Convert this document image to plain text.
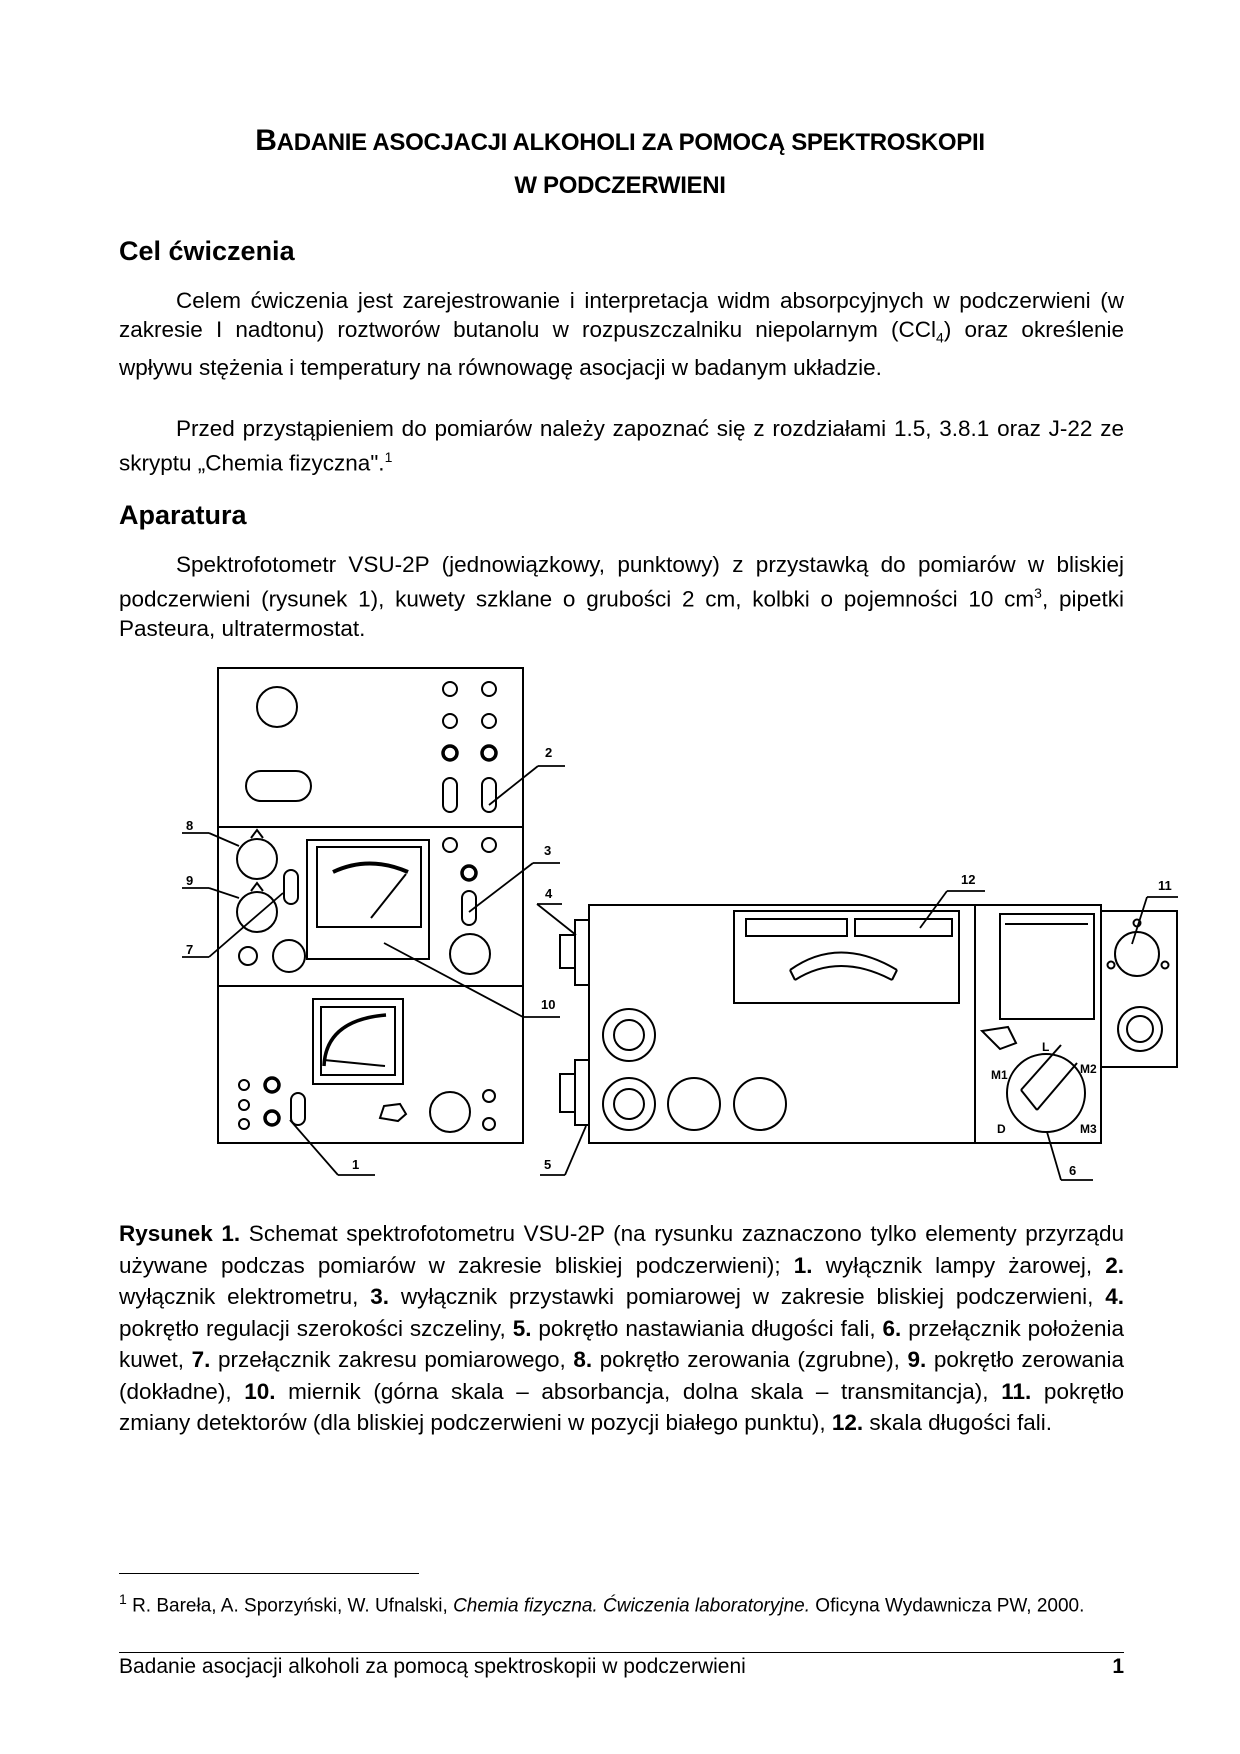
BADANIE ASOCJACJI ALKOHOLI ZA POMOCĄ SPEKTROSKOPII
W PODCZERWIENI
Cel ćwiczenia

Celem ćwiczenia jest zarejestrowanie i interpretacja widm absorpcyjnych w podczerwieni (w zakresie I nadtonu) roztworów butanolu w rozpuszczalniku niepolarnym (CCl$_4$) oraz określenie wpływu stężenia i temperatury na równowagę asocjacji w badanym układzie.

Przed przystąpieniem do pomiarów należy zapoznać się z rozdziałami 1.5, 3.8.1 oraz J-22 ze skryptu „Chemia fizyczna".$^1$

Aparatura

Spektrofotometr VSU-2P (jednowiązkowy, punktowy) z przystawką do pomiarów w bliskiej podczerwieni (rysunek 1), kuwety szklane o grubości 2 cm, kolbki o pojemności 10 $cm^3$, pipetki Pasteura, ultratermostat.

8
9
7
2
3
4
10
12	11
1	5	6
L
M1	M2
D	M3

Rysunek 1. Schemat spektrofotometru VSU-2P (na rysunku zaznaczono tylko elementy przyrządu używane podczas pomiarów w zakresie bliskiej podczerwieni); 1. wyłącznik lampy żarowej, 2. wyłącznik elektrometru, 3. wyłącznik przystawki pomiarowej w zakresie bliskiej podczerwieni, 4. pokrętło regulacji szerokości szczeliny, 5. pokrętło nastawiania długości fali, 6. przełącznik położenia kuwet, 7. przełącznik zakresu pomiarowego, 8. pokrętło zerowania (zgrubne), 9. pokrętło zerowania (dokładne), 10. miernik (górna skala – absorbancja, dolna skala – transmitancja), 11. pokrętło zmiany detektorów (dla bliskiej podczerwieni w pozycji białego punktu), 12. skala długości fali.

$^1$ R. Bareła, A. Sporzyński, W. Ufnalski, Chemia fizyczna. Ćwiczenia laboratoryjne. Oficyna Wydawnicza PW, 2000.

Badanie asocjacji alkoholi za pomocą spektroskopii w podczerwieni	1
